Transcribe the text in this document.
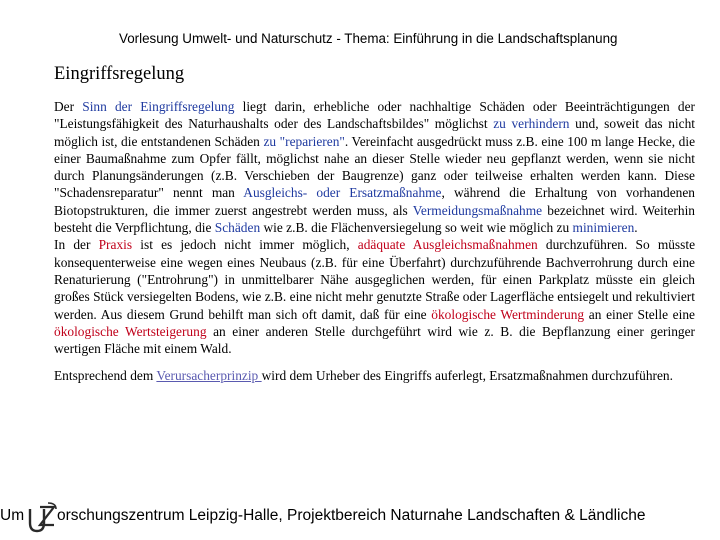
Vorlesung Umwelt- und Naturschutz - Thema: Einführung in die Landschaftsplanung
Eingriffsregelung

Der Sinn der Eingriffsregelung liegt darin, erhebliche oder nachhaltige Schäden oder Beeinträchtigungen der "Leistungsfähigkeit des Naturhaushalts oder des Landschaftsbildes" möglichst zu verhindern und, soweit das nicht möglich ist, die entstandenen Schäden zu "reparieren". Vereinfacht ausgedrückt muss z.B. eine 100 m lange Hecke, die einer Baumaßnahme zum Opfer fällt, möglichst nahe an dieser Stelle wieder neu gepflanzt werden, wenn sie nicht durch Planungsänderungen (z.B. Verschieben der Baugrenze) ganz oder teilweise erhalten werden kann. Diese "Schadensreparatur" nennt man Ausgleichs- oder Ersatzmaßnahme, während die Erhaltung von vorhandenen Biotopstrukturen, die immer zuerst angestrebt werden muss, als Vermeidungsmaßnahme bezeichnet wird. Weiterhin besteht die Verpflichtung, die Schäden wie z.B. die Flächenversiegelung so weit wie möglich zu minimieren.

In der Praxis ist es jedoch nicht immer möglich, adäquate Ausgleichsmaßnahmen durchzuführen. So müsste konsequenterweise eine wegen eines Neubaus (z.B. für eine Überfahrt) durchzuführende Bachverrohrung durch eine Renaturierung ("Entrohrung") in unmittelbarer Nähe ausgeglichen werden, für einen Parkplatz müsste ein gleich großes Stück versiegelten Bodens, wie z.B. eine nicht mehr genutzte Straße oder Lagerfläche entsiegelt und rekultiviert werden. Aus diesem Grund behilft man sich oft damit, daß für eine ökologische Wertminderung an einer Stelle eine ökologische Wertsteigerung an einer anderen Stelle durchgeführt wird wie z. B. die Bepflanzung einer geringer wertigen Fläche mit einem Wald.

Entsprechend dem Verursacherprinzip wird dem Urheber des Eingriffs auferlegt, Ersatzmaßnahmen durchzuführen.

Um orschungszentrum Leipzig-Halle, Projektbereich Naturnahe Landschaften & Ländliche
